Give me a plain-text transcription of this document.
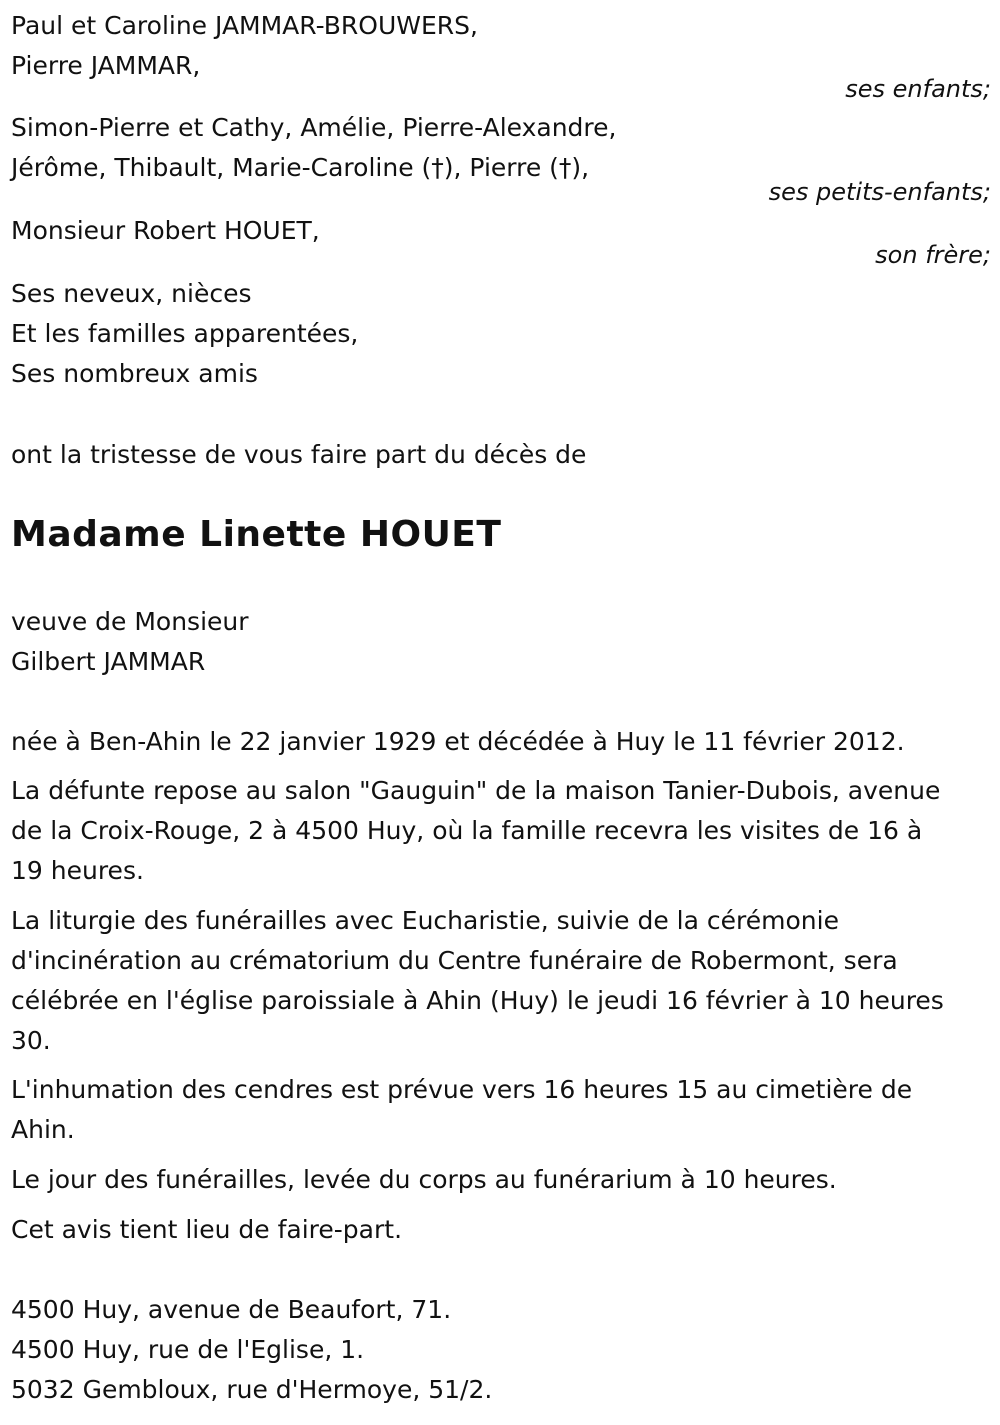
Paul et Caroline JAMMAR-BROUWERS,
Pierre JAMMAR,
ses enfants;
Simon-Pierre et Cathy, Amélie, Pierre-Alexandre,
Jérôme, Thibault, Marie-Caroline (†), Pierre (†),
ses petits-enfants;
Monsieur Robert HOUET,
son frère;
Ses neveux, nièces
Et les familles apparentées,
Ses nombreux amis
ont la tristesse de vous faire part du décès de
Madame Linette HOUET
veuve de Monsieur
Gilbert JAMMAR
née à Ben-Ahin le 22 janvier 1929 et décédée à Huy le 11 février 2012.
La défunte repose au salon "Gauguin" de la maison Tanier-Dubois, avenue
de la Croix-Rouge, 2 à 4500 Huy, où la famille recevra les visites de 16 à
19 heures.
La liturgie des funérailles avec Eucharistie, suivie de la cérémonie
d'incinération au crématorium du Centre funéraire de Robermont, sera
célébrée en l'église paroissiale à Ahin (Huy) le jeudi 16 février à 10 heures
30.
L'inhumation des cendres est prévue vers 16 heures 15 au cimetière de
Ahin.
Le jour des funérailles, levée du corps au funérarium à 10 heures.
Cet avis tient lieu de faire-part.
4500 Huy, avenue de Beaufort, 71.
4500 Huy, rue de l'Eglise, 1.
5032 Gembloux, rue d'Hermoye, 51/2.
